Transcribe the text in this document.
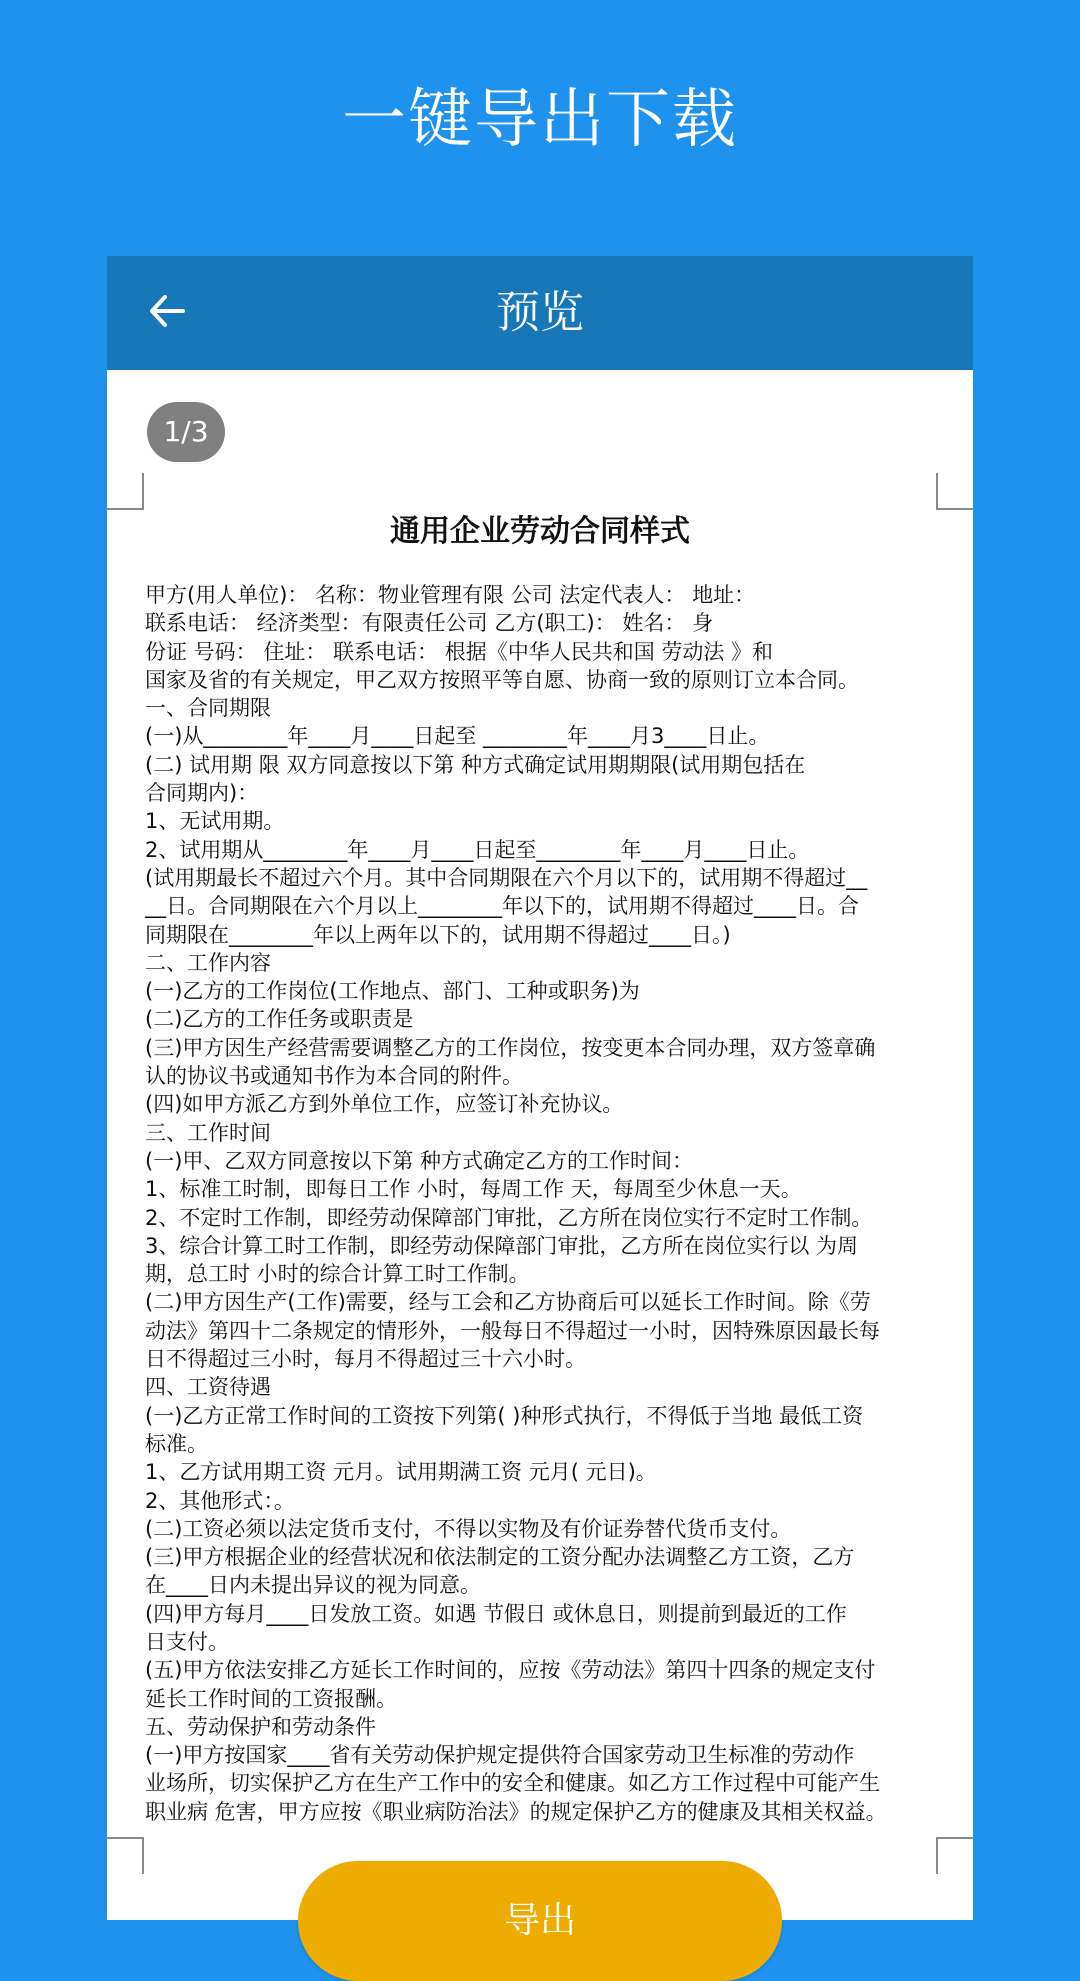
一键导出下载
预览
1/3
通用企业劳动合同样式
甲方(用人单位)： 名称：物业管理有限 公司 法定代表人： 地址：
联系电话： 经济类型：有限责任公司 乙方(职工)： 姓名： 身
份证 号码： 住址： 联系电话： 根据《中华人民共和国 劳动法 》和
国家及省的有关规定，甲乙双方按照平等自愿、协商一致的原则订立本合同。
一、合同期限
(一)从________年____月____日起至 ________年____月3____日止。
(二) 试用期 限 双方同意按以下第 种方式确定试用期期限(试用期包括在
合同期内)：
1、无试用期。
2、试用期从________年____月____日起至________年____月____日止。
(试用期最长不超过六个月。其中合同期限在六个月以下的，试用期不得超过__
__日。合同期限在六个月以上________年以下的，试用期不得超过____日。合
同期限在________年以上两年以下的，试用期不得超过____日。)
二、工作内容
(一)乙方的工作岗位(工作地点、部门、工种或职务)为
(二)乙方的工作任务或职责是
(三)甲方因生产经营需要调整乙方的工作岗位，按变更本合同办理，双方签章确
认的协议书或通知书作为本合同的附件。
(四)如甲方派乙方到外单位工作，应签订补充协议。
三、工作时间
(一)甲、乙双方同意按以下第 种方式确定乙方的工作时间：
1、标准工时制，即每日工作 小时，每周工作 天，每周至少休息一天。
2、不定时工作制，即经劳动保障部门审批，乙方所在岗位实行不定时工作制。
3、综合计算工时工作制，即经劳动保障部门审批，乙方所在岗位实行以 为周
期，总工时 小时的综合计算工时工作制。
(二)甲方因生产(工作)需要，经与工会和乙方协商后可以延长工作时间。除《劳
动法》第四十二条规定的情形外，一般每日不得超过一小时，因特殊原因最长每
日不得超过三小时，每月不得超过三十六小时。
四、工资待遇
(一)乙方正常工作时间的工资按下列第( )种形式执行，不得低于当地 最低工资
标准。
1、乙方试用期工资 元月。试用期满工资 元月( 元日)。
2、其他形式：。
(二)工资必须以法定货币支付，不得以实物及有价证券替代货币支付。
(三)甲方根据企业的经营状况和依法制定的工资分配办法调整乙方工资，乙方
在____日内未提出异议的视为同意。
(四)甲方每月____日发放工资。如遇 节假日 或休息日，则提前到最近的工作
日支付。
(五)甲方依法安排乙方延长工作时间的，应按《劳动法》第四十四条的规定支付
延长工作时间的工资报酬。
五、劳动保护和劳动条件
(一)甲方按国家____省有关劳动保护规定提供符合国家劳动卫生标准的劳动作
业场所，切实保护乙方在生产工作中的安全和健康。如乙方工作过程中可能产生
职业病 危害，甲方应按《职业病防治法》的规定保护乙方的健康及其相关权益。
导出
